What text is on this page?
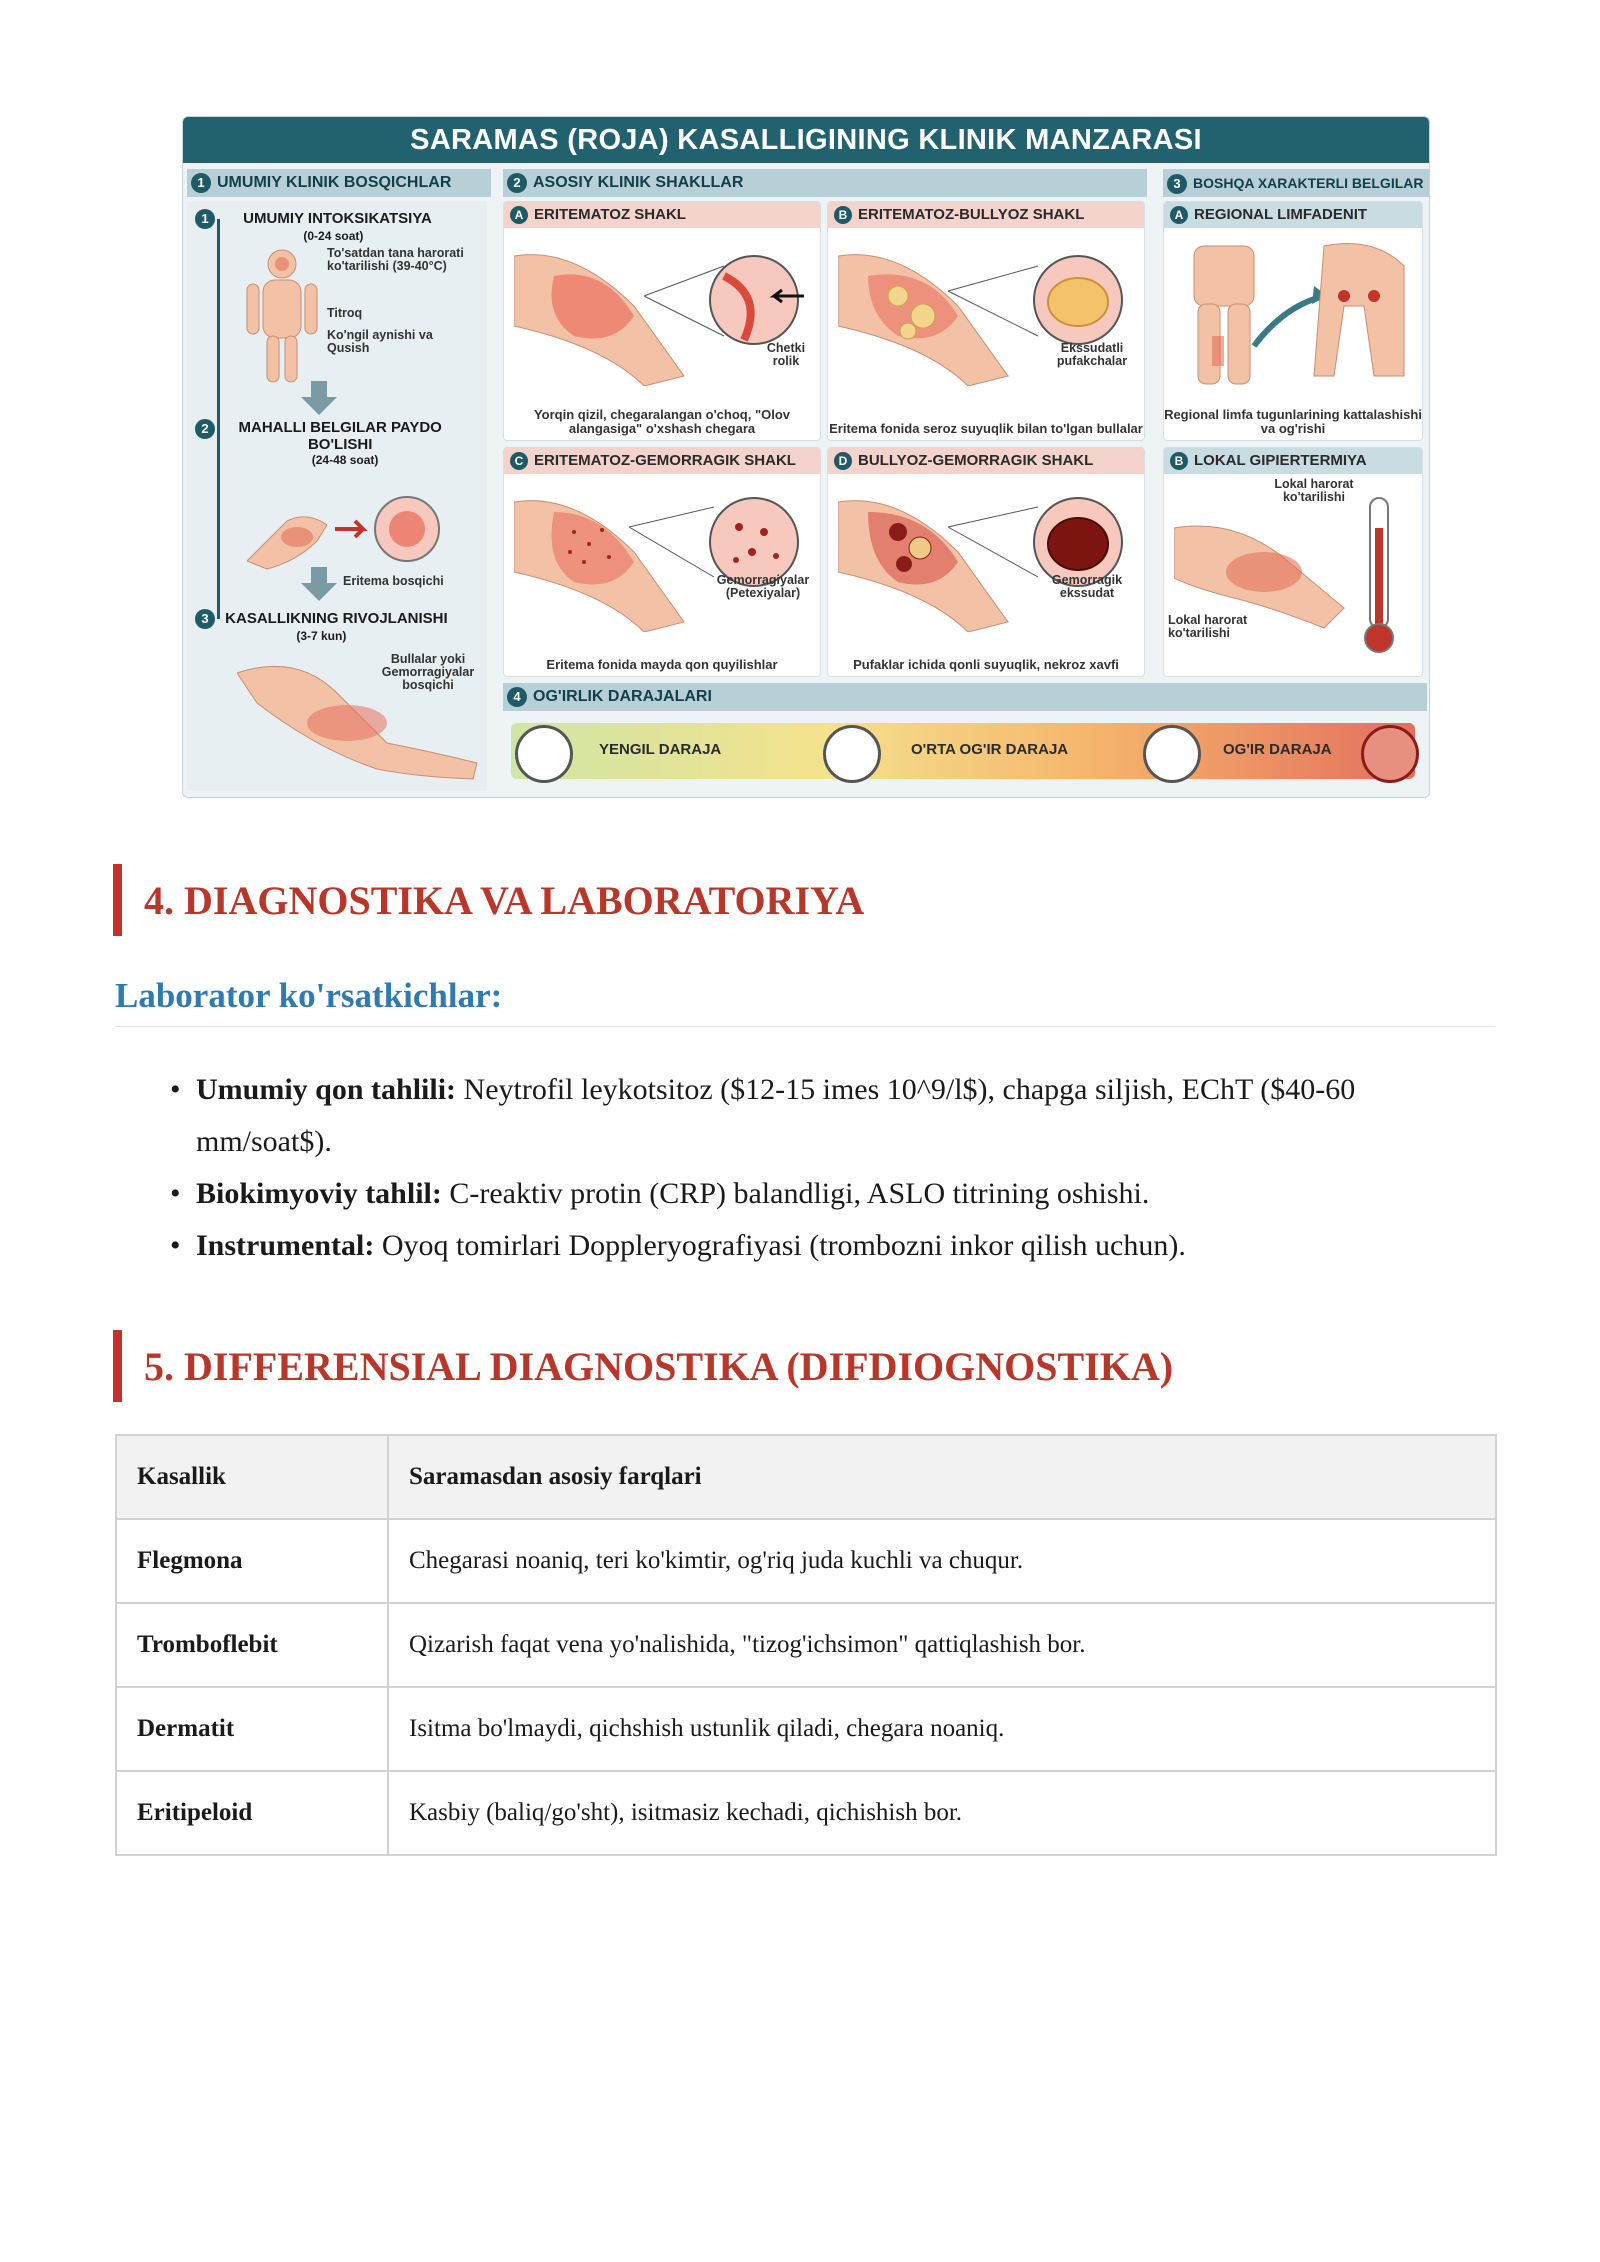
SARAMAS (ROJA) KASALLIGINING KLINIK MANZARASI
1 UMUMIY KLINIK BOSQICHLAR	2 ASOSIY KLINIK SHAKLLAR	3 BOSHQA XARAKTERLI BELGILAR
1 UMUMIY INTOKSIKATSIYA
(0-24 soat)
To'satdan tana harorati ko'tarilishi (39-40°C)
Titroq
Ko'ngil aynishi va Qusish
2 MAHALLI BELGILAR PAYDO BO'LISHI
(24-48 soat)
Eritema bosqichi
3 KASALLIKNING RIVOJLANISHI
(3-7 kun)
Bullalar yoki Gemorragiyalar bosqichi
A ERITEMATOZ SHAKL
Chetki rolik
Yorqin qizil, chegaralangan o'choq, "Olov alangasiga" o'xshash chegara
B ERITEMATOZ-BULLYOZ SHAKL
Ekssudatli pufakchalar
Eritema fonida seroz suyuqlik bilan to'lgan bullalar
C ERITEMATOZ-GEMORRAGIK SHAKL
Gemorragiyalar (Petexiyalar)
Eritema fonida mayda qon quyilishlar
D BULLYOZ-GEMORRAGIK SHAKL
Gemorragik ekssudat
Pufaklar ichida qonli suyuqlik, nekroz xavfi
A REGIONAL LIMFADENIT
Regional limfa tugunlarining kattalashishi va og'rishi
B LOKAL GIPIERTERMIYA
Lokal harorat ko'tarilishi
Lokal harorat ko'tarilishi
4 OG'IRLIK DARAJALARI
YENGIL DARAJA	O'RTA OG'IR DARAJA	OG'IR DARAJA
4. DIAGNOSTIKA VA LABORATORIYA
Laborator ko'rsatkichlar:
• Umumiy qon tahlili: Neytrofil leykotsitoz ($12-15 imes 10^9/l$), chapga siljish, EChT ($40-60 mm/soat$).
• Biokimyoviy tahlil: C-reaktiv protin (CRP) balandligi, ASLO titrining oshishi.
• Instrumental: Oyoq tomirlari Doppleryografiyasi (trombozni inkor qilish uchun).
5. DIFFERENSIAL DIAGNOSTIKA (DIFDIOGNOSTIKA)
Kasallik	Saramasdan asosiy farqlari
Flegmona	Chegarasi noaniq, teri ko'kimtir, og'riq juda kuchli va chuqur.
Tromboflebit	Qizarish faqat vena yo'nalishida, "tizog'ichsimon" qattiqlashish bor.
Dermatit	Isitma bo'lmaydi, qichshish ustunlik qiladi, chegara noaniq.
Eritipeloid	Kasbiy (baliq/go'sht), isitmasiz kechadi, qichishish bor.
